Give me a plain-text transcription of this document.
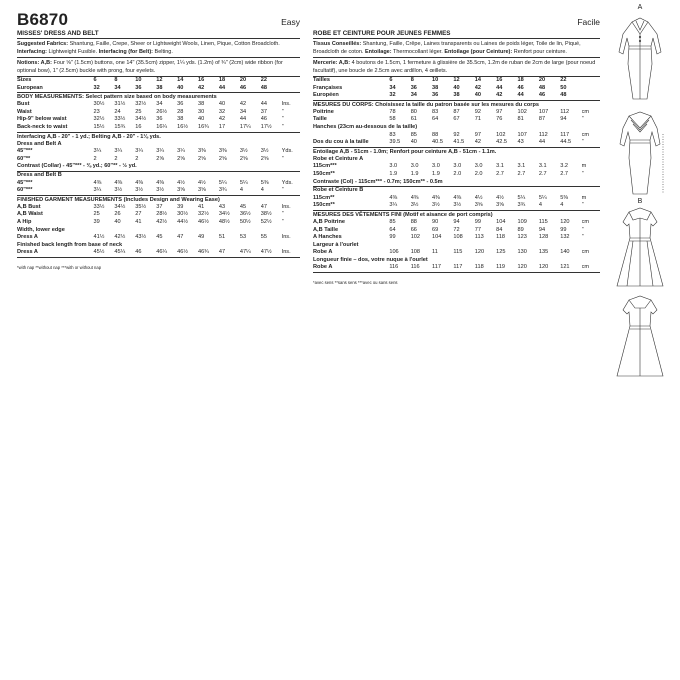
B6870	Easy
MISSES' DRESS AND BELT
Suggested Fabrics: Shantung, Faille, Crepe, Sheer or Lightweight Wools, Linen, Pique, Cotton Broadcloth. Interfacing: Lightweight Fusible. Interfacing (for Belt): Belting.
Notions: A,B: Four ⅝" (1.5cm) buttons, one 14" (35.5cm) zipper, 1¼ yds. (1.2m) of ¾" (2cm) wide ribbon (for optional bow), 1" (2.5cm) buckle with prong, four eyelets.
Sizes	6	8	10	12	14	16	18	20	22	
European	32	34	36	38	40	42	44	46	48	
BODY MEASUREMENTS: Select pattern size based on body measurements
Bust	30½	31½	32½	34	36	38	40	42	44	Ins.
Waist	23	24	25	26½	28	30	32	34	37	"
Hip-9" below waist	32½	33½	34½	36	38	40	42	44	46	"
Back-neck to waist	15½	15¾	16	16¼	16½	16¾	17	17¼	17½	"
Interfacing A,B - 20" - 1 yd.; Belting A,B - 20" - 1⅛ yds.
Dress and Belt A
45"***	3¼	3¼	3¼	3¼	3¼	3⅜	3⅜	3½	3½	Yds.
60"**	2	2	2	2⅝	2⅝	2⅝	2⅝	2⅝	2⅝	"
Contrast (Collar) - 45"*** - ⅜ yd.; 60"** - ½ yd.
Dress and Belt B
45"***	4⅜	4⅜	4⅜	4⅜	4½	4½	5¼	5¼	5⅜	Yds.
60"***	3¼	3½	3½	3½	3⅝	3⅝	3¾	4	4	"
FINISHED GARMENT MEASUREMENTS (Includes Design and Wearing Ease)
A,B Bust	33½	34½	35½	37	39	41	43	45	47	Ins.
A,B Waist	25	26	27	28½	30½	32½	34½	36½	38½	"
A Hip	39	40	41	42½	44½	46½	48½	50½	52½	"
Width, lower edge
Dress A	41½	42½	43½	45	47	49	51	53	55	Ins.
Finished back length from base of neck
Dress A	45½	45¼	46	46¼	46½	46¾	47	47¼	47½	Ins.
*with nap **without nap ***with or without nap
Facile
ROBE ET CEINTURE POUR JEUNES FEMMES
Tissus Conseillés: Shantung, Faille, Crêpe, Laines transparents ou Laines de poids léger, Toile de lin, Piqué, Broadcloth de coton. Entoilage: Thermocollant léger. Entoilage (pour Ceinture): Renfort pour ceinture.
Mercerie: A,B: 4 boutons de 1.5cm, 1 fermeture à glissière de 35.5cm, 1.2m de ruban de 2cm de large (pour noeud facultatif), une boucle de 2.5cm avec ardillon, 4 œillets.
Tailles	6	8	10	12	14	16	18	20	22	
Françaises	34	36	38	40	42	44	46	48	50	
Européen	32	34	36	38	40	42	44	46	48	
MESURES DU CORPS: Choisissez la taille du patron basée sur les mesures du corps
Poitrine	78	80	83	87	92	97	102	107	112	cm
Taille	58	61	64	67	71	76	81	87	94	"
Hanches (23cm au-dessous de la taille)
	83	85	88	92	97	102	107	112	117	cm
Dos du cou à la taille	39.5	40	40.5	41.5	42	42.5	43	44	44.5	"
Entoilage A,B - 51cm - 1.0m; Renfort pour ceinture A,B - 51cm - 1.1m.
Robe et Ceinture A
115cm***	3.0	3.0	3.0	3.0	3.0	3.1	3.1	3.1	3.2	m
150cm**	1.9	1.9	1.9	2.0	2.0	2.7	2.7	2.7	2.7	"
Contraste (Col) - 115cm*** - 0.7m; 150cm** - 0.5m
Robe et Ceinture B
115cm**	4⅜	4⅜	4⅜	4⅜	4½	4½	5¼	5¼	5⅜	m
150cm**	3¼	3½	3½	3½	3⅝	3⅝	3¾	4	4	"
MESURES DES VÊTEMENTS FINI (Motif et aisance de port compris)
A,B Poitrine	85	88	90	94	99	104	109	115	120	cm
A,B Taille	64	66	69	72	77	84	89	94	99	"
A Hanches	99	102	104	108	113	118	123	128	132	"
Largeur à l'ourlet
Robe A	106	108	11	115	120	125	130	135	140	cm
Longueur finie – dos, votre nuque à l'ourlet
Robe A	116	116	117	117	118	119	120	120	121	cm
*avec sens **sans sens ***avec ou sans sens
A
B
